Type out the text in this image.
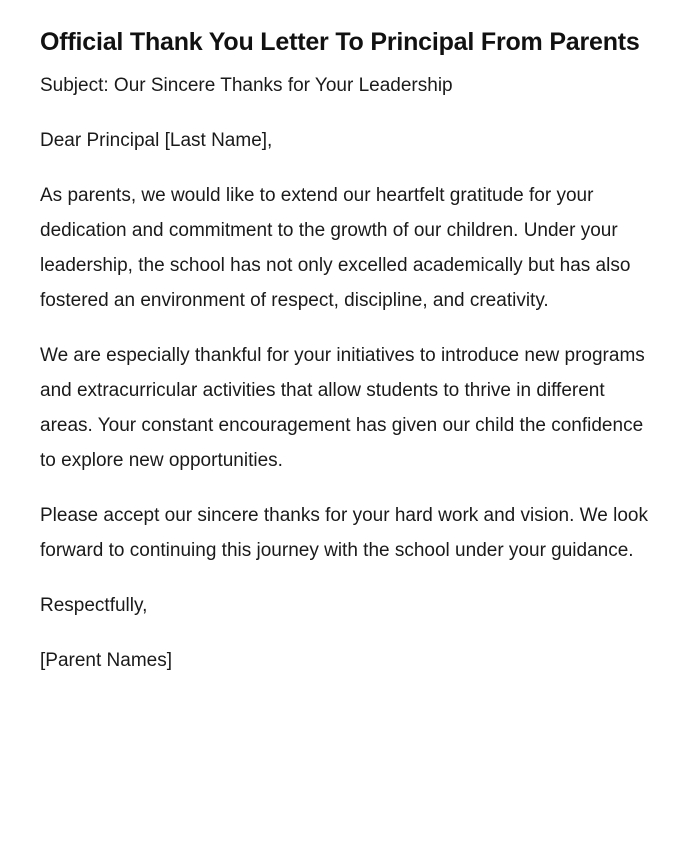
Official Thank You Letter To Principal From Parents

Subject: Our Sincere Thanks for Your Leadership

Dear Principal [Last Name],

As parents, we would like to extend our heartfelt gratitude for your dedication and commitment to the growth of our children. Under your leadership, the school has not only excelled academically but has also fostered an environment of respect, discipline, and creativity.

We are especially thankful for your initiatives to introduce new programs and extracurricular activities that allow students to thrive in different areas. Your constant encouragement has given our child the confidence to explore new opportunities.

Please accept our sincere thanks for your hard work and vision. We look forward to continuing this journey with the school under your guidance.

Respectfully,

[Parent Names]
